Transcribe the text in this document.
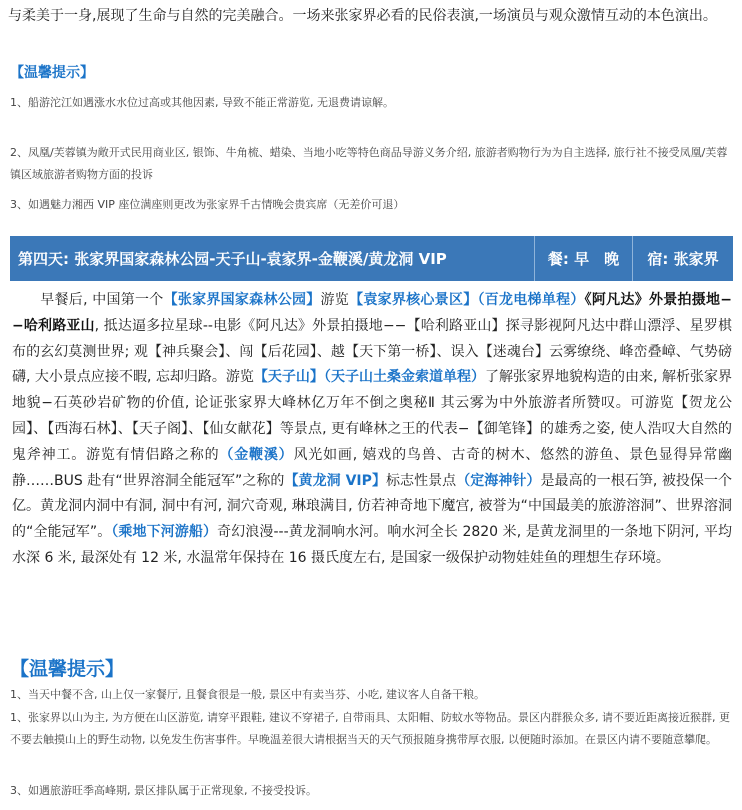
与柔美于一身,展现了生命与自然的完美融合。一场来张家界必看的民俗表演,一场演员与观众激情互动的本色演出。
【温馨提示】
1、船游沱江如遇涨水水位过高或其他因素, 导致不能正常游览, 无退费请谅解。
2、凤凰/芙蓉镇为敞开式民用商业区, 银饰、牛角梳、蜡染、当地小吃等特色商品导游义务介绍, 旅游者购物行为为自主选择, 旅行社不接受凤凰/芙蓉镇区域旅游者购物方面的投诉
3、如遇魅力湘西 VIP 座位满座则更改为张家界千古情晚会贵宾席（无差价可退）
第四天: 张家界国家森林公园-天子山-袁家界-金鞭溪/黄龙洞 VIP	餐: 早　晚	宿: 张家界
早餐后, 中国第一个【张家界国家森林公园】游览【袁家界核心景区】（百龙电梯单程）《阿凡达》外景拍摄地−−哈利路亚山, 抵达逼多拉星球--电影《阿凡达》外景拍摄地−−【哈利路亚山】探寻影视阿凡达中群山漂浮、星罗棋布的玄幻莫测世界; 观【神兵聚会】、闯【后花园】、越【天下第一桥】、误入【迷魂台】云雾缭绕、峰峦叠嶂、气势磅礴, 大小景点应接不暇, 忘却归路。游览【天子山】（天子山土桑金索道单程）了解张家界地貌构造的由来, 解析张家界地貌−石英砂岩矿物的价值, 论证张家界大峰林亿万年不倒之奥秘Ⅱ 其云雾为中外旅游者所赞叹。可游览【贺龙公园】、【西海石林】、【天子阁】、【仙女献花】等景点, 更有峰林之王的代表−【御笔锋】的雄秀之姿, 使人浩叹大自然的鬼斧神工。游览有情侣路之称的（金鞭溪）风光如画, 嬉戏的鸟兽、古奇的树木、悠然的游鱼、景色显得异常幽静……BUS 赴有“世界溶洞全能冠军”之称的【黄龙洞 VIP】标志性景点（定海神针）是最高的一根石笋, 被投保一个亿。黄龙洞内洞中有洞, 洞中有河, 洞穴奇观, 琳琅满目, 仿若神奇地下魔宫, 被誉为“中国最美的旅游溶洞”、世界溶洞的“全能冠军”。（乘地下河游船）奇幻浪漫---黄龙洞响水河。响水河全长 2820 米, 是黄龙洞里的一条地下阴河, 平均水深 6 米, 最深处有 12 米, 水温常年保持在 16 摄氏度左右, 是国家一级保护动物娃娃鱼的理想生存环境。
【温馨提示】
1、当天中餐不含, 山上仅一家餐厅, 且餐食很是一般, 景区中有卖当芬、小吃, 建议客人自备干粮。
1、张家界以山为主, 为方便在山区游览, 请穿平跟鞋, 建议不穿裙子, 自带雨具、太阳帽、防蚊水等物品。景区内群猴众多, 请不要近距离接近猴群, 更不要去触摸山上的野生动物, 以免发生伤害事件。早晚温差很大请根据当天的天气预报随身携带厚衣服, 以便随时添加。在景区内请不要随意攀爬。
3、如遇旅游旺季高峰期, 景区排队属于正常现象, 不接受投诉。
